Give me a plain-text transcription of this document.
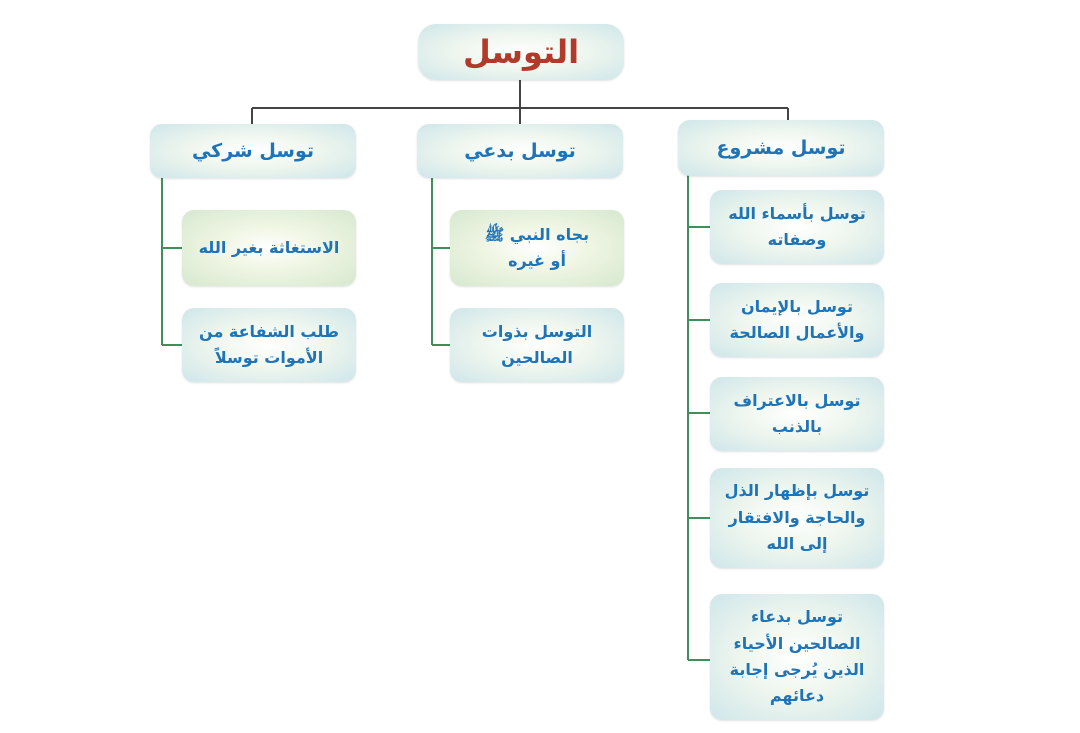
التوسل
توسل مشروع
توسل بدعي
توسل شركي
توسل بأسماء الله
وصفاته
توسل بالإيمان
والأعمال الصالحة
توسل بالاعتراف
بالذنب
توسل بإظهار الذل
والحاجة والافتقار
إلى الله
توسل بدعاء
الصالحين الأحياء
الذين يُرجى إجابة
دعائهم
بجاه النبي ﷺ
أو غيره
التوسل بذوات
الصالحين
الاستغاثة بغير الله
طلب الشفاعة من
الأموات توسلاً
